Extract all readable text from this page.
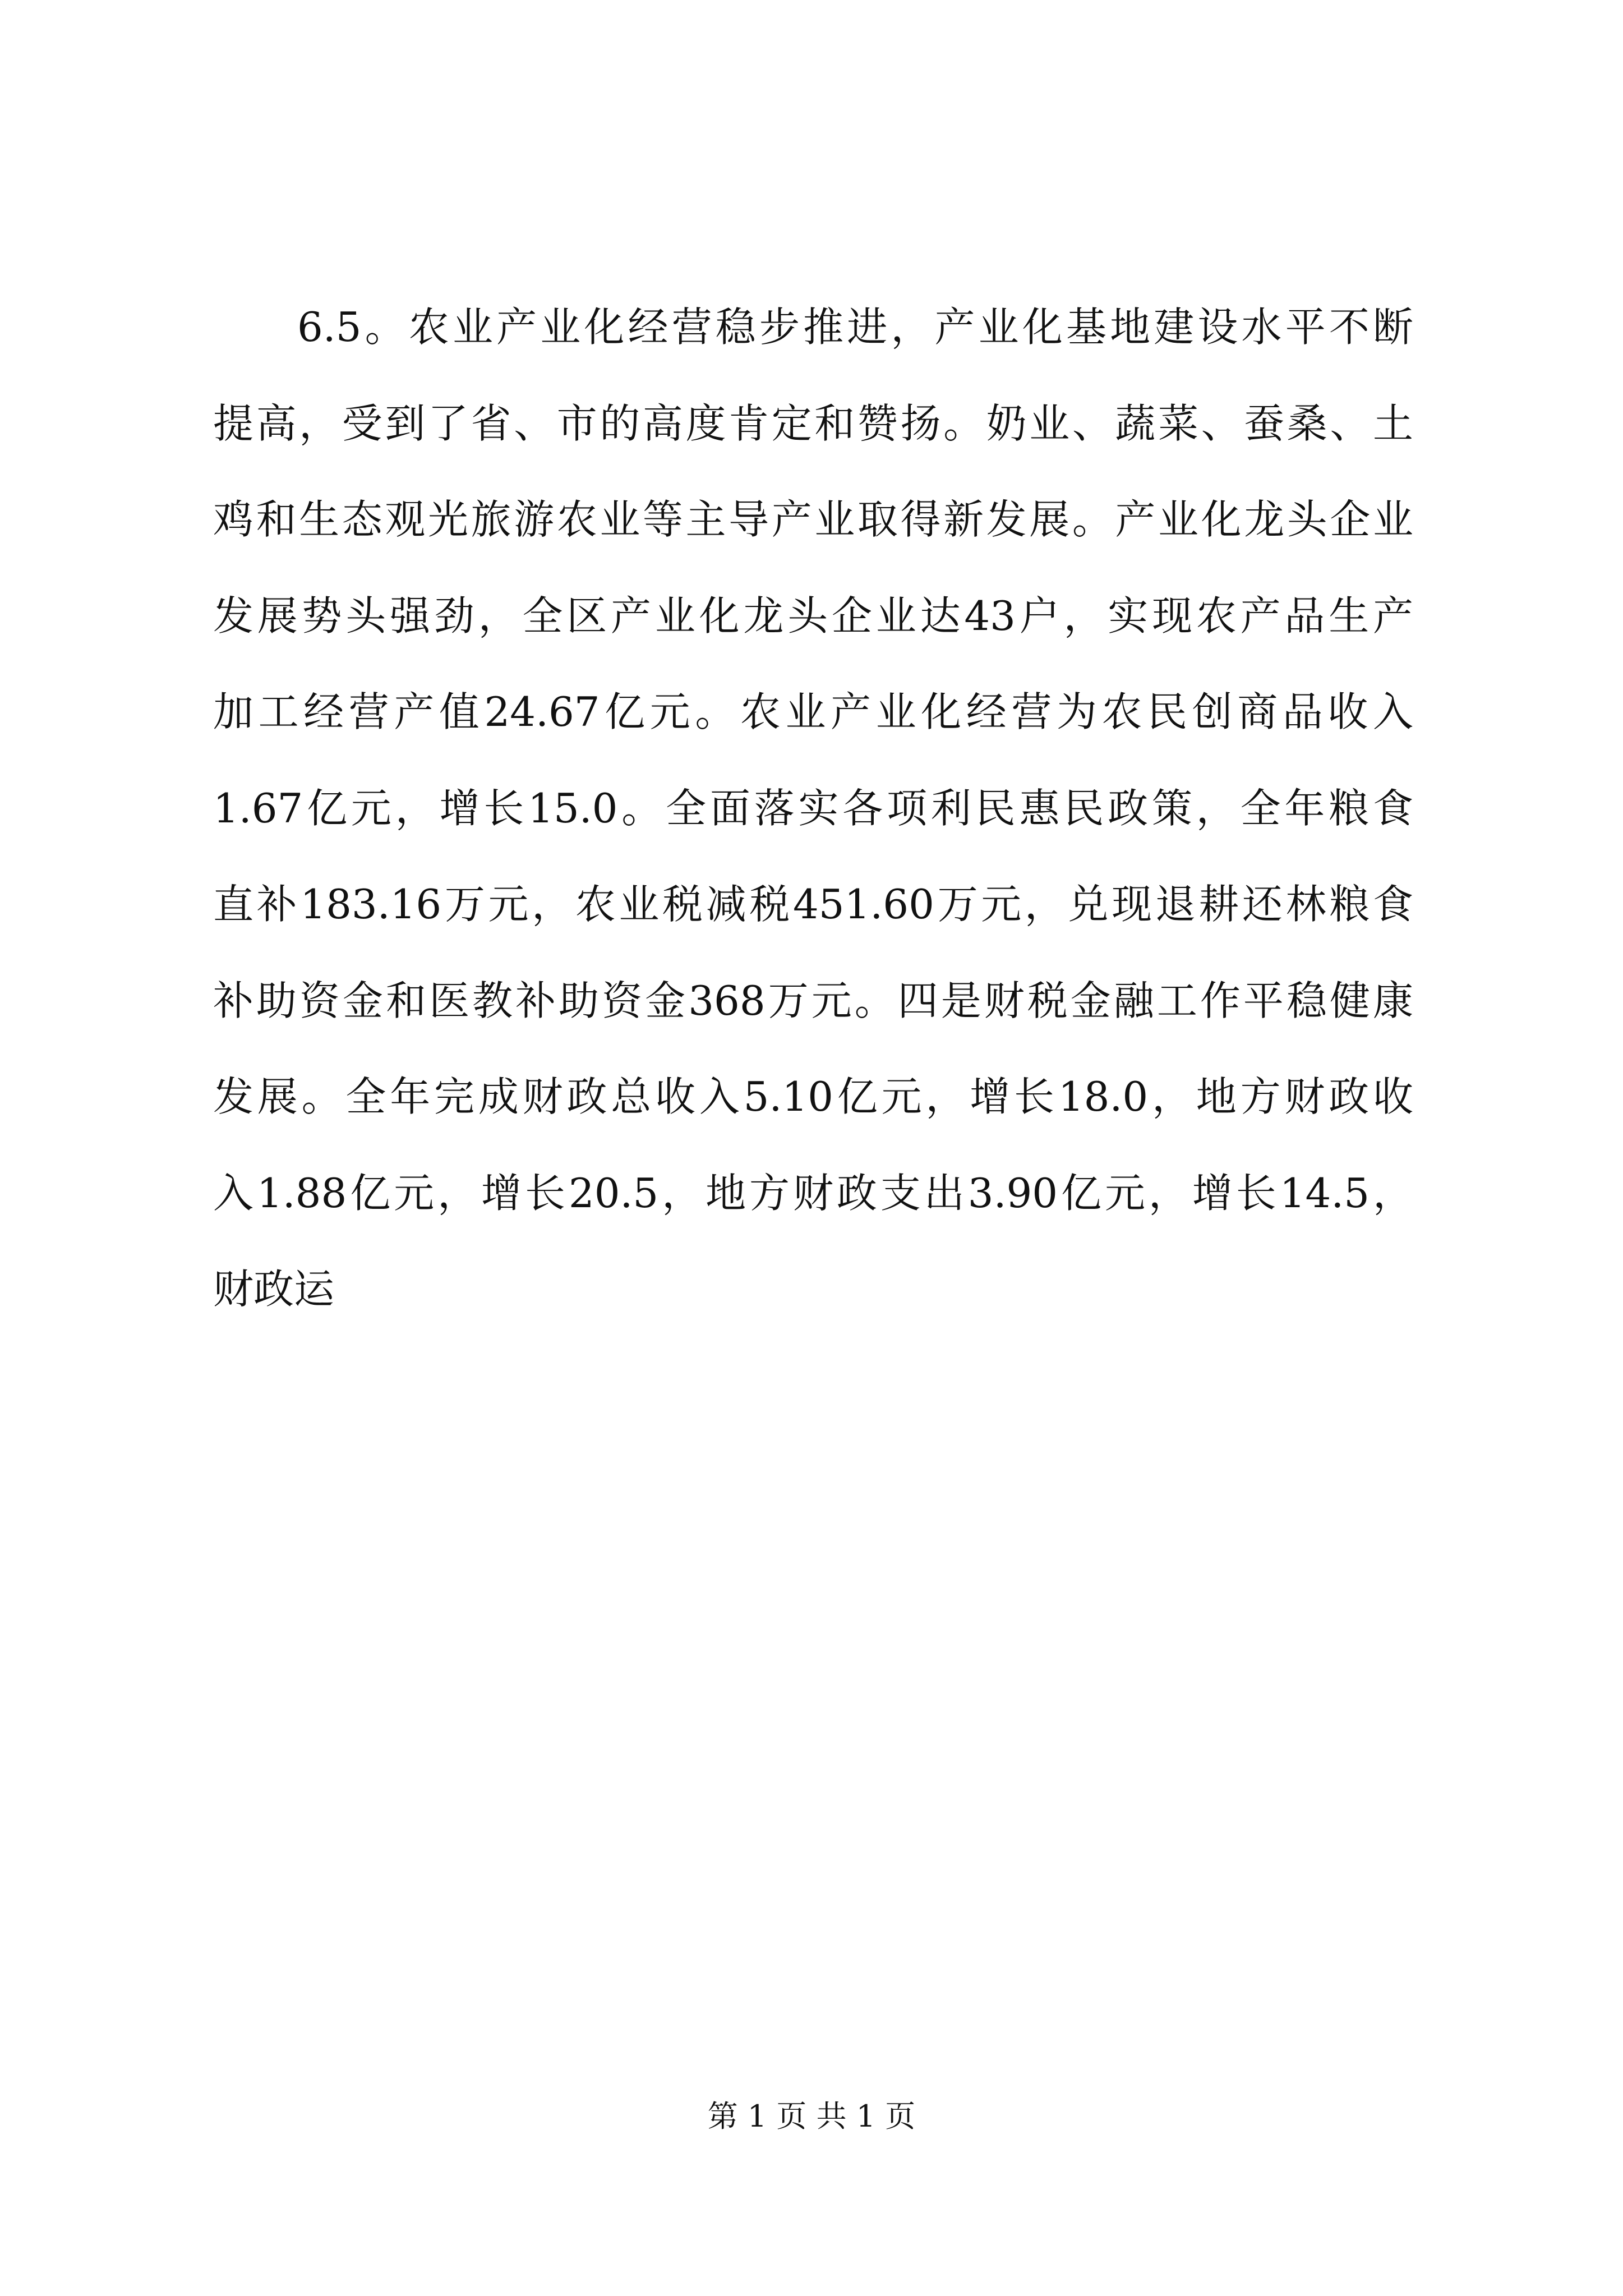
6.5。农业产业化经营稳步推进，产业化基地建设水平不断
提高，受到了省、市的高度肯定和赞扬。奶业、蔬菜、蚕桑、土
鸡和生态观光旅游农业等主导产业取得新发展。产业化龙头企业
发展势头强劲，全区产业化龙头企业达43户，实现农产品生产
加工经营产值24.67亿元。农业产业化经营为农民创商品收入
1.67亿元，增长15.0。全面落实各项利民惠民政策，全年粮食
直补183.16万元，农业税减税451.60万元，兑现退耕还林粮食
补助资金和医教补助资金368万元。四是财税金融工作平稳健康
发展。全年完成财政总收入5.10亿元，增长18.0，地方财政收
入1.88亿元，增长20.5，地方财政支出3.90亿元，增长14.5，
财政运
第 1 页 共 1 页
